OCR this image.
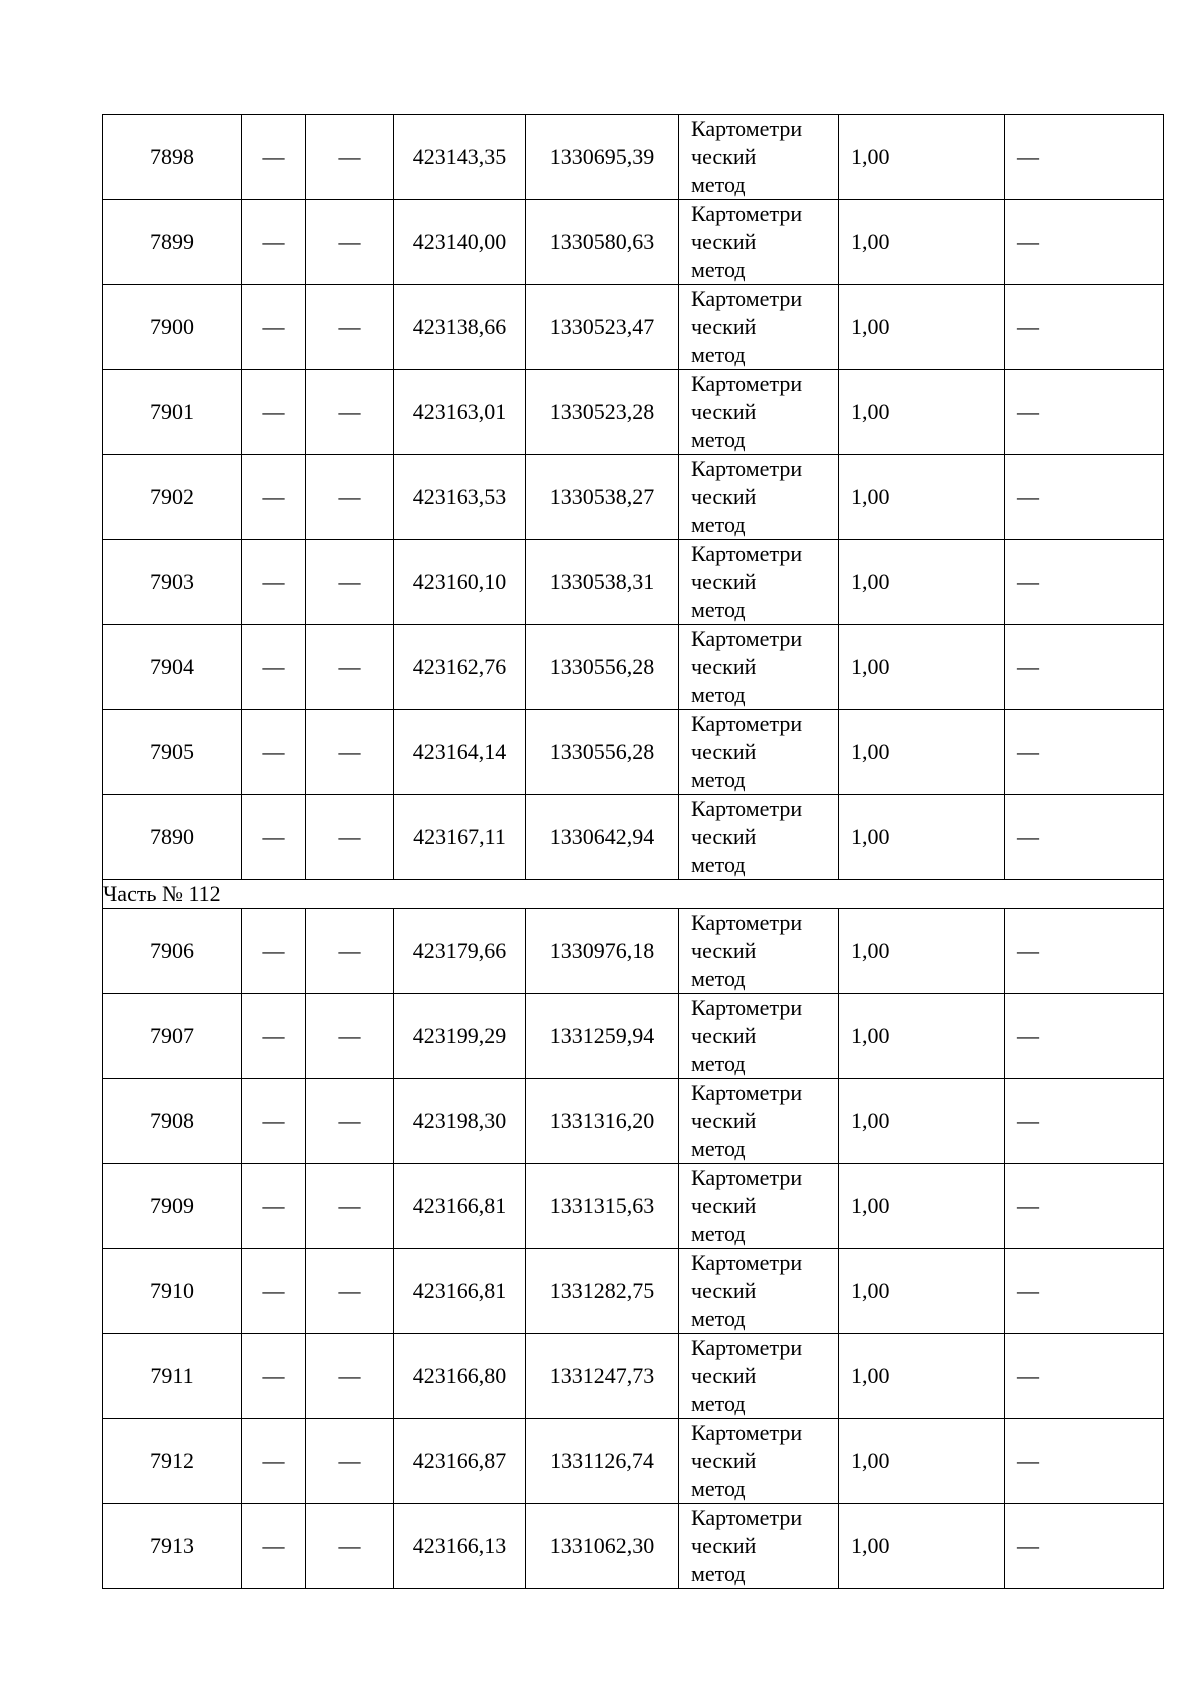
7898	—	—	423143,35	1330695,39	Картометри
ческий
метод	1,00	—
7899	—	—	423140,00	1330580,63	Картометри
ческий
метод	1,00	—
7900	—	—	423138,66	1330523,47	Картометри
ческий
метод	1,00	—
7901	—	—	423163,01	1330523,28	Картометри
ческий
метод	1,00	—
7902	—	—	423163,53	1330538,27	Картометри
ческий
метод	1,00	—
7903	—	—	423160,10	1330538,31	Картометри
ческий
метод	1,00	—
7904	—	—	423162,76	1330556,28	Картометри
ческий
метод	1,00	—
7905	—	—	423164,14	1330556,28	Картометри
ческий
метод	1,00	—
7890	—	—	423167,11	1330642,94	Картометри
ческий
метод	1,00	—
Часть № 112							
7906	—	—	423179,66	1330976,18	Картометри
ческий
метод	1,00	—
7907	—	—	423199,29	1331259,94	Картометри
ческий
метод	1,00	—
7908	—	—	423198,30	1331316,20	Картометри
ческий
метод	1,00	—
7909	—	—	423166,81	1331315,63	Картометри
ческий
метод	1,00	—
7910	—	—	423166,81	1331282,75	Картометри
ческий
метод	1,00	—
7911	—	—	423166,80	1331247,73	Картометри
ческий
метод	1,00	—
7912	—	—	423166,87	1331126,74	Картометри
ческий
метод	1,00	—
7913	—	—	423166,13	1331062,30	Картометри
ческий
метод	1,00	—
